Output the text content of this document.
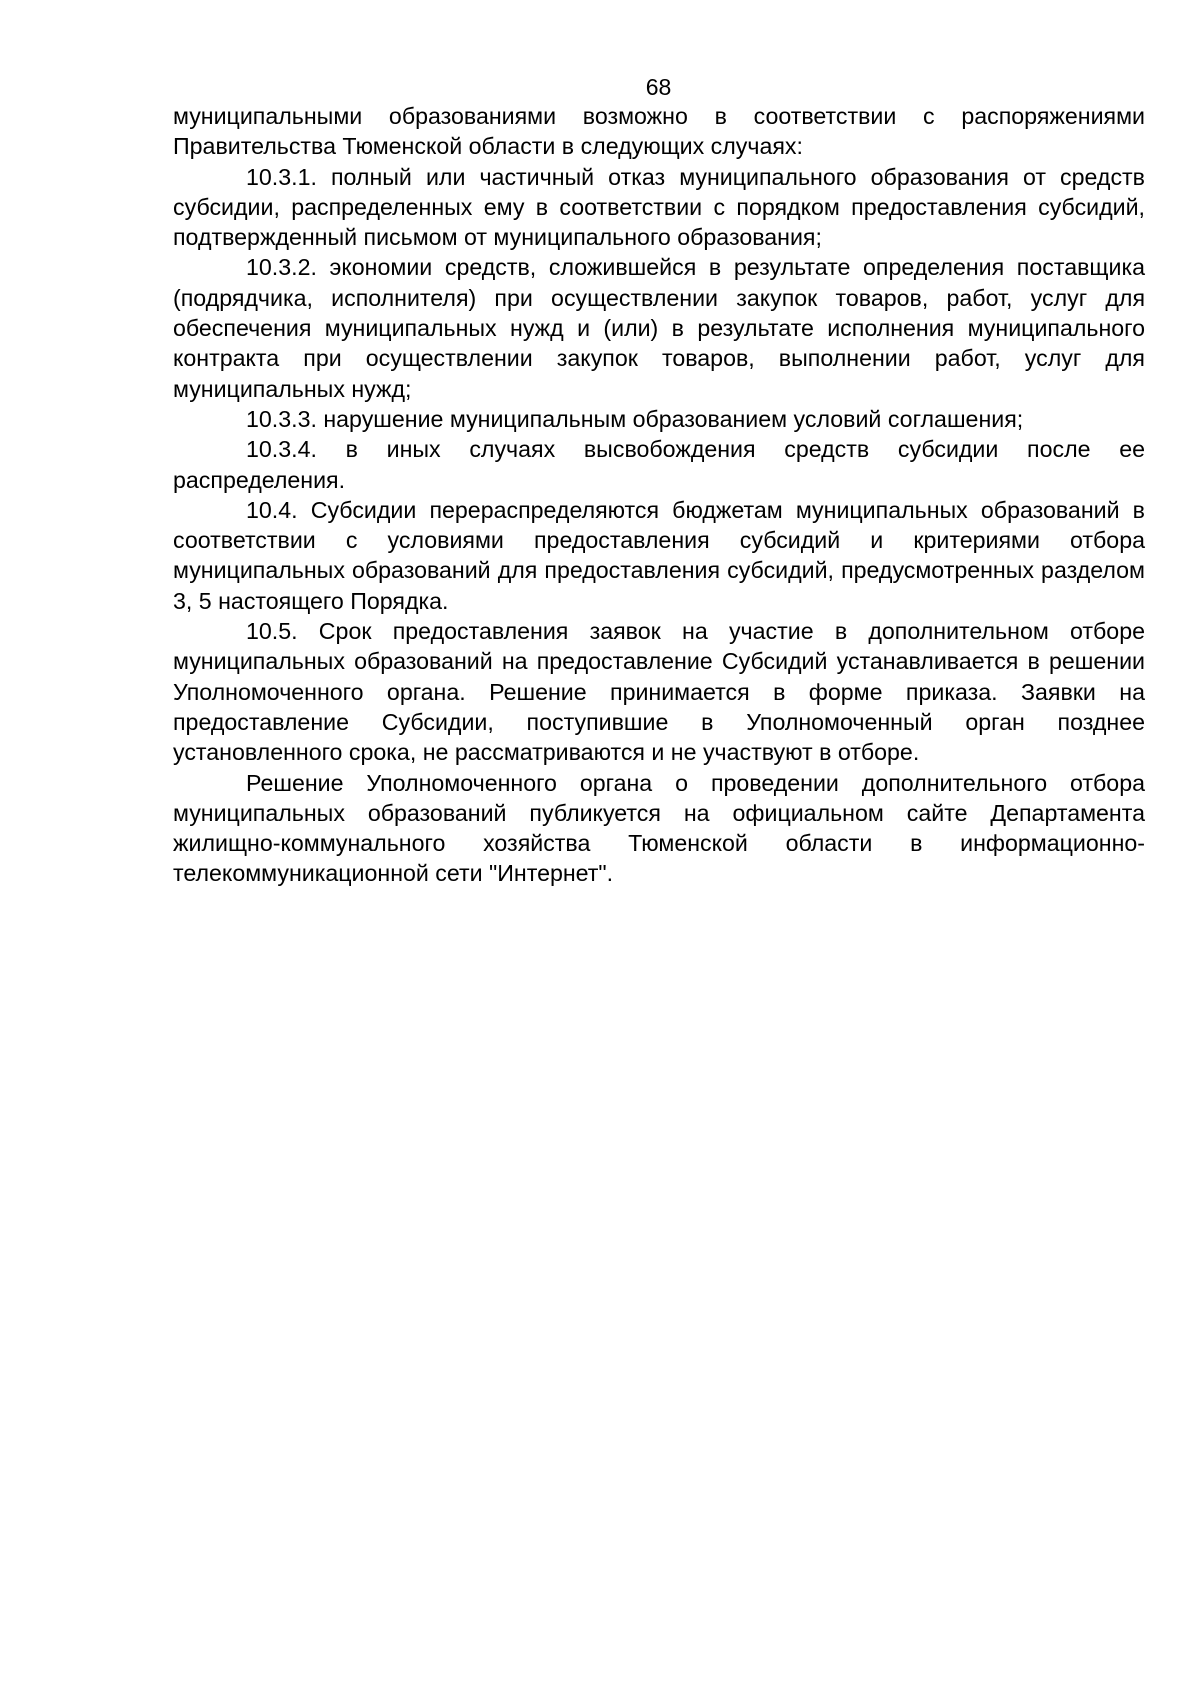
68

муниципальными образованиями возможно в соответствии с распоряжениями Правительства Тюменской области в следующих случаях:

10.3.1. полный или частичный отказ муниципального образования от средств субсидии, распределенных ему в соответствии с порядком предоставления субсидий, подтвержденный письмом от муниципального образования;

10.3.2. экономии средств, сложившейся в результате определения поставщика (подрядчика, исполнителя) при осуществлении закупок товаров, работ, услуг для обеспечения муниципальных нужд и (или) в результате исполнения муниципального контракта при осуществлении закупок товаров, выполнении работ, услуг для муниципальных нужд;

10.3.3. нарушение муниципальным образованием условий соглашения;

10.3.4. в иных случаях высвобождения средств субсидии после ее распределения.

10.4. Субсидии перераспределяются бюджетам муниципальных образований в соответствии с условиями предоставления субсидий и критериями отбора муниципальных образований для предоставления субсидий, предусмотренных разделом 3, 5 настоящего Порядка.

10.5. Срок предоставления заявок на участие в дополнительном отборе муниципальных образований на предоставление Субсидий устанавливается в решении Уполномоченного органа. Решение принимается в форме приказа. Заявки на предоставление Субсидии, поступившие в Уполномоченный орган позднее установленного срока, не рассматриваются и не участвуют в отборе.

Решение Уполномоченного органа о проведении дополнительного отбора муниципальных образований публикуется на официальном сайте Департамента жилищно-коммунального хозяйства Тюменской области в информационно-телекоммуникационной сети "Интернет".
